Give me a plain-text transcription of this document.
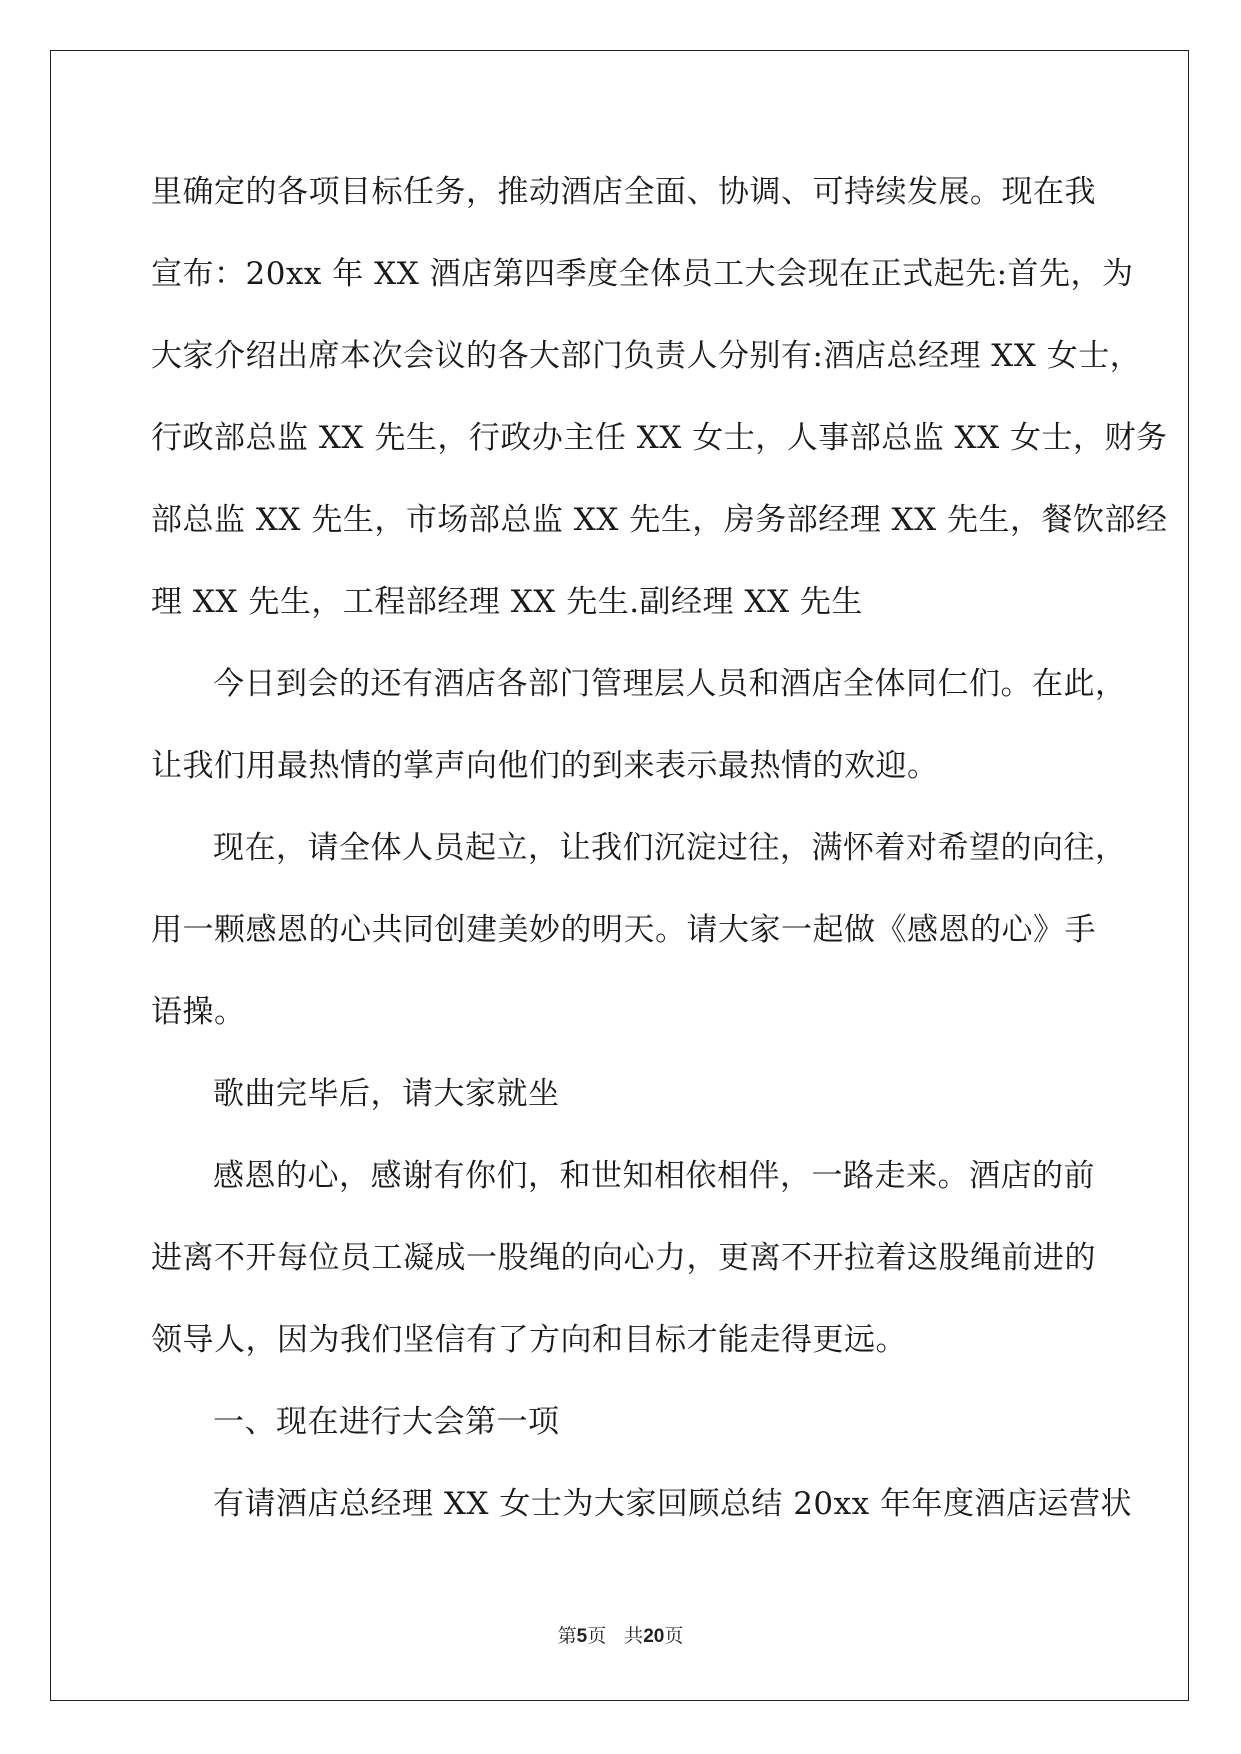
里确定的各项目标任务，推动酒店全面、协调、可持续发展。现在我
宣布：20xx 年 XX 酒店第四季度全体员工大会现在正式起先:首先，为
大家介绍出席本次会议的各大部门负责人分别有:酒店总经理 XX 女士，
行政部总监 XX 先生，行政办主任 XX 女士，人事部总监 XX 女士，财务
部总监 XX 先生，市场部总监 XX 先生，房务部经理 XX 先生，餐饮部经
理 XX 先生，工程部经理 XX 先生.副经理 XX 先生
今日到会的还有酒店各部门管理层人员和酒店全体同仁们。在此，
让我们用最热情的掌声向他们的到来表示最热情的欢迎。
现在，请全体人员起立，让我们沉淀过往，满怀着对希望的向往，
用一颗感恩的心共同创建美妙的明天。请大家一起做《感恩的心》手
语操。
歌曲完毕后，请大家就坐
感恩的心，感谢有你们，和世知相依相伴，一路走来。酒店的前
进离不开每位员工凝成一股绳的向心力，更离不开拉着这股绳前进的
领导人，因为我们坚信有了方向和目标才能走得更远。
一、现在进行大会第一项
有请酒店总经理 XX 女士为大家回顾总结 20xx 年年度酒店运营状
第5页 共20页
